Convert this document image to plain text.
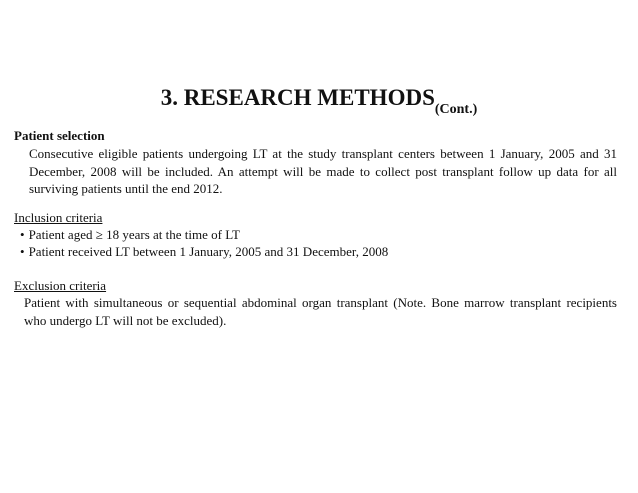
3. RESEARCH $METHODS_{(Cont.)}$
Patient selection
Consecutive eligible patients undergoing LT at the study transplant centers between 1 January, 2005 and 31 December, 2008 will be included. An attempt will be made to collect post transplant follow up data for all surviving patients until the end 2012.
Inclusion criteria
• Patient aged ≥ 18 years at the time of LT
• Patient received LT between 1 January, 2005 and 31 December, 2008
Exclusion criteria
Patient with simultaneous or sequential abdominal organ transplant (Note. Bone marrow transplant recipients who undergo LT will not be excluded).
